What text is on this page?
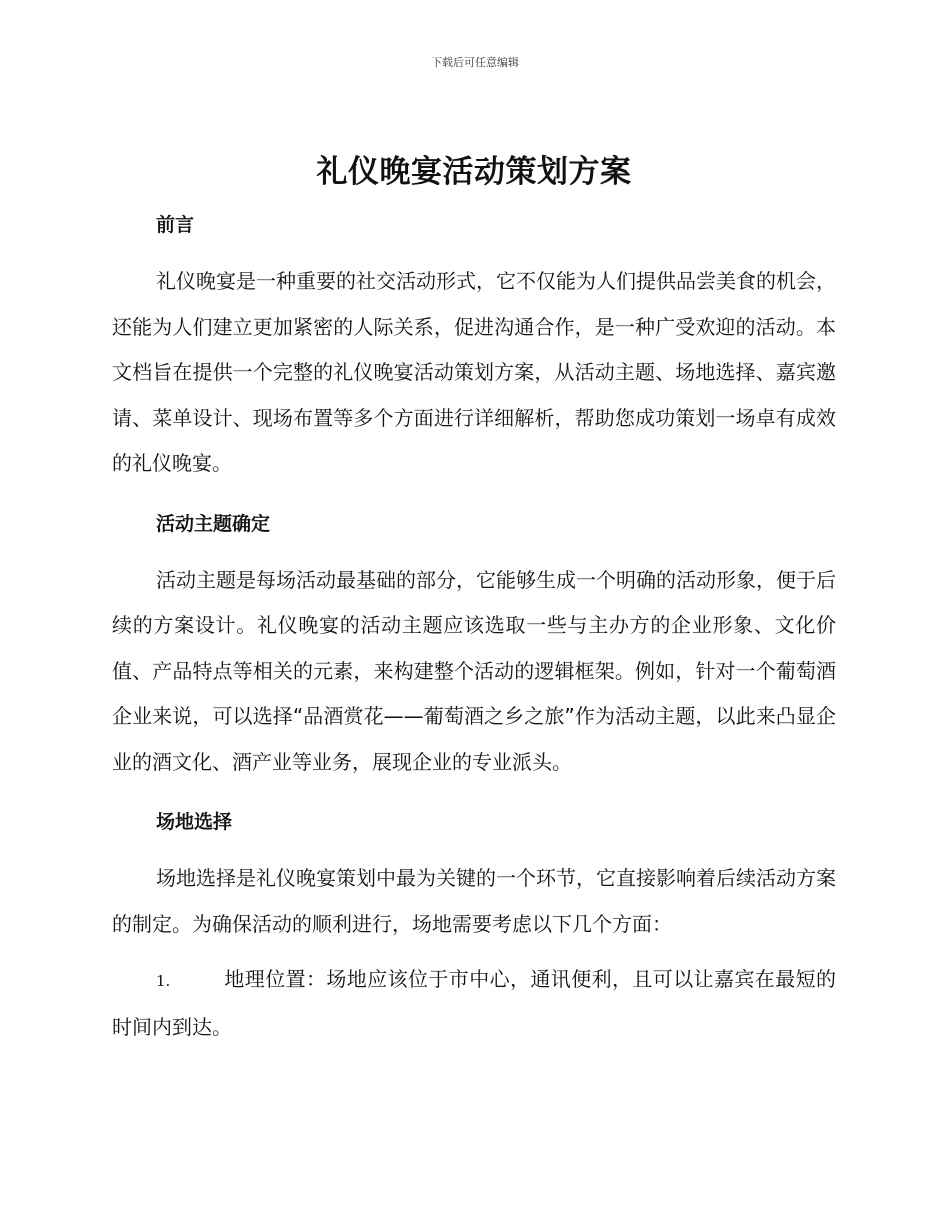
下载后可任意编辑
礼仪晚宴活动策划方案
前言

礼仪晚宴是一种重要的社交活动形式，它不仅能为人们提供品尝美食的机会，还能为人们建立更加紧密的人际关系，促进沟通合作，是一种广受欢迎的活动。本文档旨在提供一个完整的礼仪晚宴活动策划方案，从活动主题、场地选择、嘉宾邀请、菜单设计、现场布置等多个方面进行详细解析，帮助您成功策划一场卓有成效的礼仪晚宴。

活动主题确定

活动主题是每场活动最基础的部分，它能够生成一个明确的活动形象，便于后续的方案设计。礼仪晚宴的活动主题应该选取一些与主办方的企业形象、文化价值、产品特点等相关的元素，来构建整个活动的逻辑框架。例如，针对一个葡萄酒企业来说，可以选择“品酒赏花——葡萄酒之乡之旅”作为活动主题，以此来凸显企业的酒文化、酒产业等业务，展现企业的专业派头。

场地选择

场地选择是礼仪晚宴策划中最为关键的一个环节，它直接影响着后续活动方案的制定。为确保活动的顺利进行，场地需要考虑以下几个方面：

1.	地理位置：场地应该位于市中心，通讯便利，且可以让嘉宾在最短的时间内到达。
